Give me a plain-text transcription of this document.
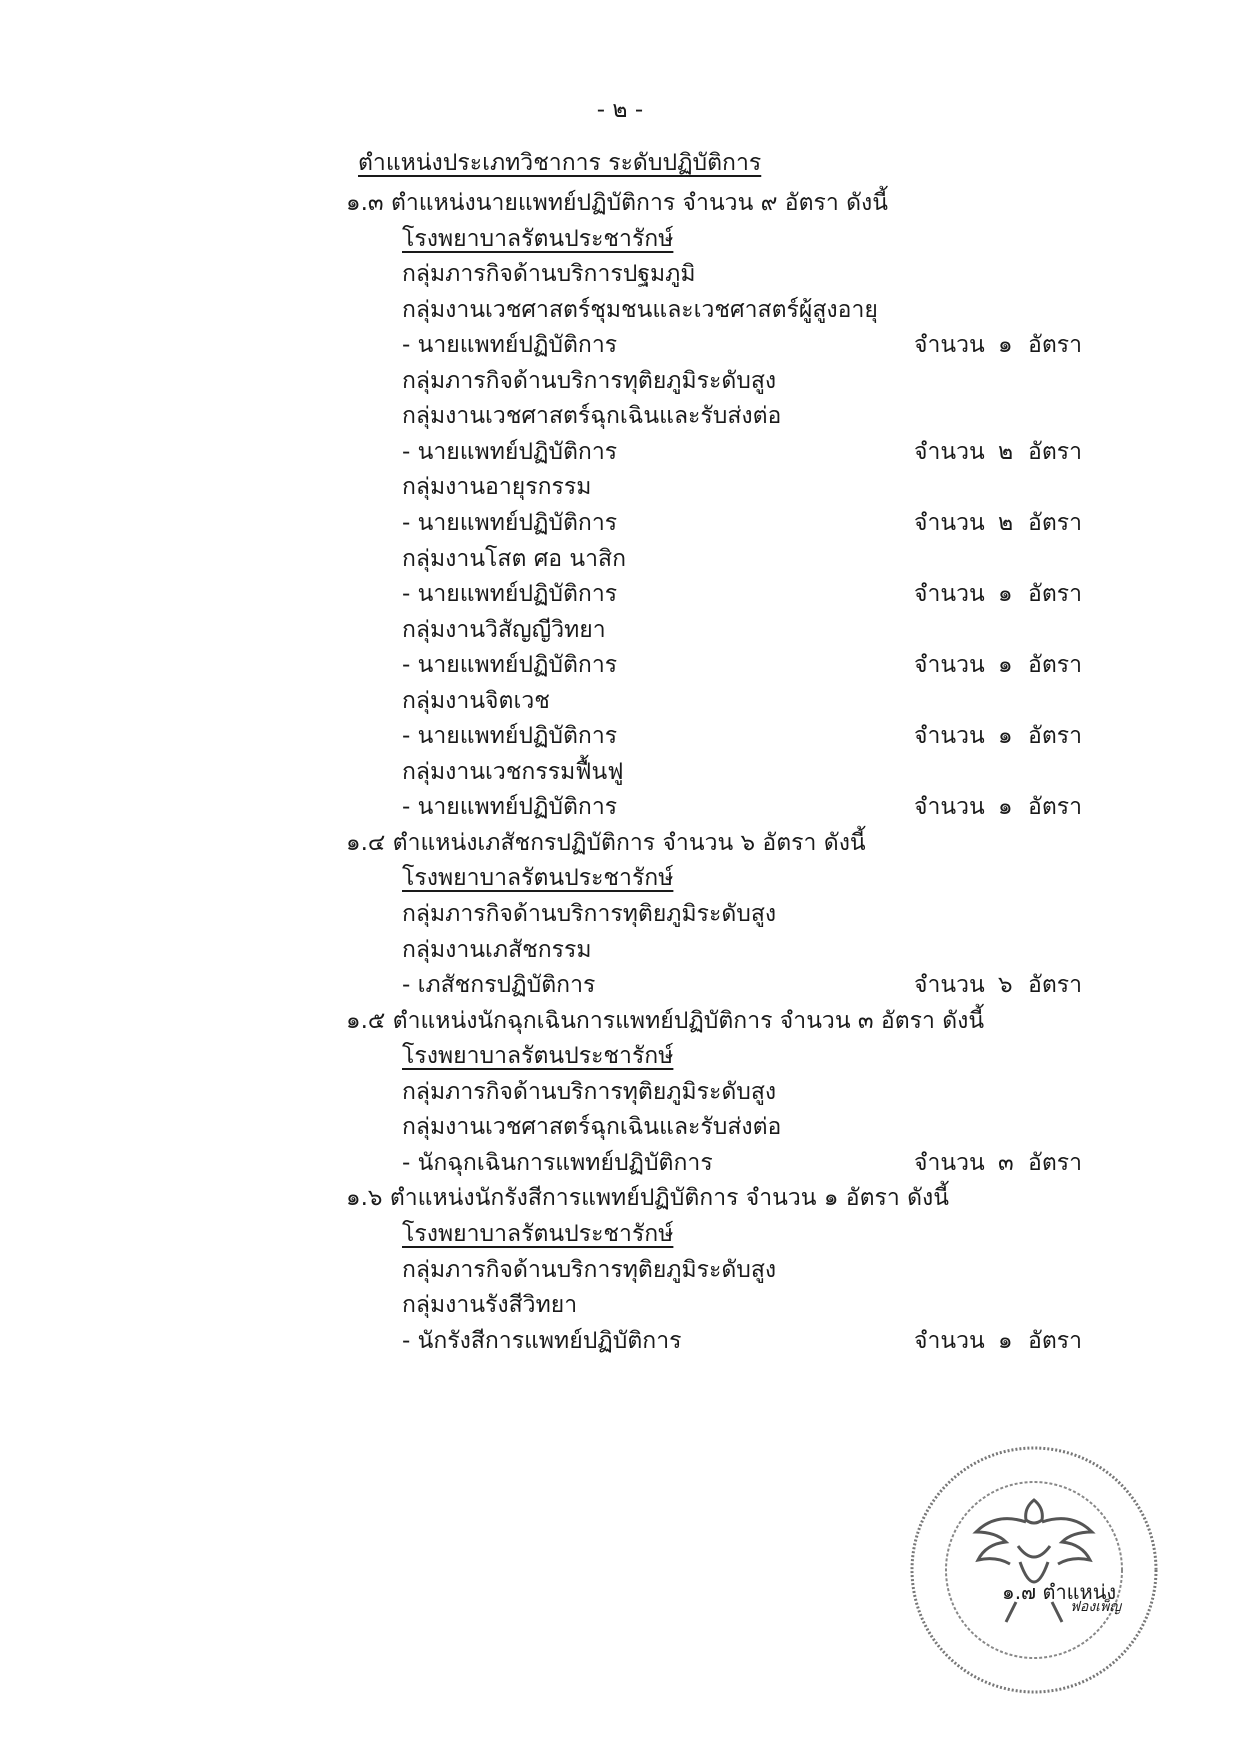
- ๒ -
ตำแหน่งประเภทวิชาการ ระดับปฏิบัติการ
๑.๓ ตำแหน่งนายแพทย์ปฏิบัติการ จำนวน ๙ อัตรา ดังนี้
โรงพยาบาลรัตนประชารักษ์
กลุ่มภารกิจด้านบริการปฐมภูมิ
กลุ่มงานเวชศาสตร์ชุมชนและเวชศาสตร์ผู้สูงอายุ
- นายแพทย์ปฏิบัติการ	จำนวน ๑ อัตรา
กลุ่มภารกิจด้านบริการทุติยภูมิระดับสูง
กลุ่มงานเวชศาสตร์ฉุกเฉินและรับส่งต่อ
- นายแพทย์ปฏิบัติการ	จำนวน ๒ อัตรา
กลุ่มงานอายุรกรรม
- นายแพทย์ปฏิบัติการ	จำนวน ๒ อัตรา
กลุ่มงานโสต ศอ นาสิก
- นายแพทย์ปฏิบัติการ	จำนวน ๑ อัตรา
กลุ่มงานวิสัญญีวิทยา
- นายแพทย์ปฏิบัติการ	จำนวน ๑ อัตรา
กลุ่มงานจิตเวช
- นายแพทย์ปฏิบัติการ	จำนวน ๑ อัตรา
กลุ่มงานเวชกรรมฟื้นฟู
- นายแพทย์ปฏิบัติการ	จำนวน ๑ อัตรา
๑.๔ ตำแหน่งเภสัชกรปฏิบัติการ จำนวน ๖ อัตรา ดังนี้
โรงพยาบาลรัตนประชารักษ์
กลุ่มภารกิจด้านบริการทุติยภูมิระดับสูง
กลุ่มงานเภสัชกรรม
- เภสัชกรปฏิบัติการ	จำนวน ๖ อัตรา
๑.๕ ตำแหน่งนักฉุกเฉินการแพทย์ปฏิบัติการ จำนวน ๓ อัตรา ดังนี้
โรงพยาบาลรัตนประชารักษ์
กลุ่มภารกิจด้านบริการทุติยภูมิระดับสูง
กลุ่มงานเวชศาสตร์ฉุกเฉินและรับส่งต่อ
- นักฉุกเฉินการแพทย์ปฏิบัติการ	จำนวน ๓ อัตรา
๑.๖ ตำแหน่งนักรังสีการแพทย์ปฏิบัติการ จำนวน ๑ อัตรา ดังนี้
โรงพยาบาลรัตนประชารักษ์
กลุ่มภารกิจด้านบริการทุติยภูมิระดับสูง
กลุ่มงานรังสีวิทยา
- นักรังสีการแพทย์ปฏิบัติการ	จำนวน ๑ อัตรา
๑.๗ ตำแหน่ง
ฟองเพ็ญ
